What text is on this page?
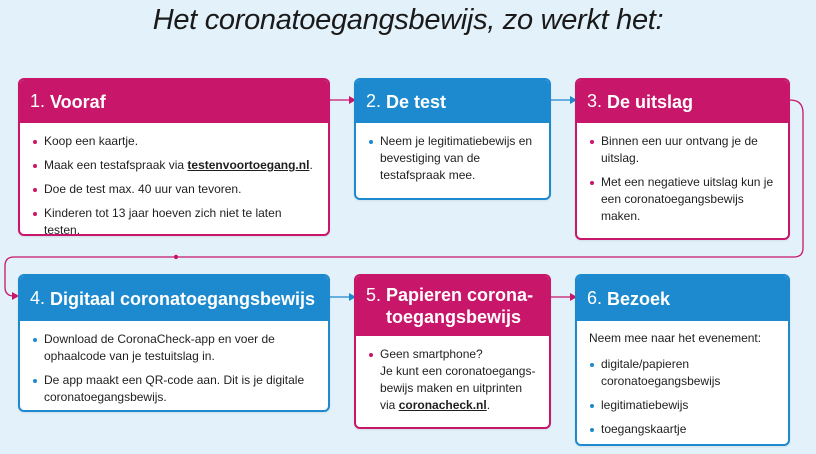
Het coronatoegangsbewijs, zo werkt het:
1. Vooraf
Koop een kaartje.
Maak een testafspraak via testenvoortoegang.nl.
Doe de test max. 40 uur van tevoren.
Kinderen tot 13 jaar hoeven zich niet te laten testen.
2. De test
Neem je legitimatiebewijs en bevestiging van de testafspraak mee.
3. De uitslag
Binnen een uur ontvang je de uitslag.
Met een negatieve uitslag kun je een coronatoegangsbewijs maken.
4. Digitaal coronatoegangsbewijs
Download de CoronaCheck-app en voer de ophaalcode van je testuitslag in.
De app maakt een QR-code aan. Dit is je digitale coronatoegangsbewijs.
5. Papieren corona-
toegangsbewijs
Geen smartphone?
Je kunt een coronatoegangs-
bewijs maken en uitprinten
via coronacheck.nl.
6. Bezoek
Neem mee naar het evenement:
digitale/papieren coronatoegangsbewijs
legitimatiebewijs
toegangskaartje
